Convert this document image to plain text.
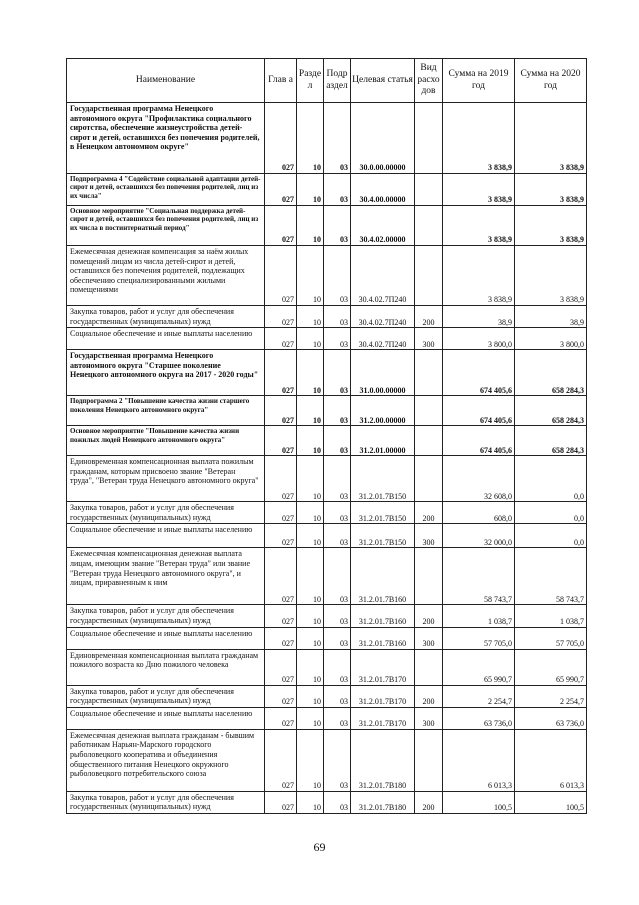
Наименование	Глав а	Разде л	Подр аздел	Целевая статья	Вид расхо дов	Сумма на 2019 год	Сумма на 2020 год
Государственная программа Ненецкого автономного округа "Профилактика социального сиротства, обеспечение жизнеустройства детей-сирот и детей, оставшихся без попечения родителей, в Ненецком автономном округе"	027	10	03	30.0.00.00000		3 838,9	3 838,9
Подпрограмма 4 "Содействие социальной адаптации детей-сирот и детей, оставшихся без попечения родителей, лиц из их числа"	027	10	03	30.4.00.00000		3 838,9	3 838,9
Основное мероприятие "Социальная поддержка детей-сирот и детей, оставшихся без попечения родителей, лиц из их числа в постинтернатный период"	027	10	03	30.4.02.00000		3 838,9	3 838,9
Ежемесячная денежная компенсация за наём жилых помещений лицам из числа детей-сирот и детей, оставшихся без попечения родителей, подлежащих обеспечению специализированными жилыми помещениями	027	10	03	30.4.02.7П240		3 838,9	3 838,9
Закупка товаров, работ и услуг для обеспечения государственных (муниципальных) нужд	027	10	03	30.4.02.7П240	200	38,9	38,9
Социальное обеспечение и иные выплаты населению	027	10	03	30.4.02.7П240	300	3 800,0	3 800,0
Государственная программа Ненецкого автономного округа "Старшее поколение Ненецкого автономного округа на 2017 - 2020 годы"	027	10	03	31.0.00.00000		674 405,6	658 284,3
Подпрограмма 2 "Повышение качества жизни старшего поколения Ненецкого автономного округа"	027	10	03	31.2.00.00000		674 405,6	658 284,3
Основное мероприятие "Повышение качества жизни пожилых людей Ненецкого автономного округа"	027	10	03	31.2.01.00000		674 405,6	658 284,3
Единовременная компенсационная выплата пожилым гражданам, которым присвоено звание "Ветеран труда", "Ветеран труда Ненецкого автономного округа"	027	10	03	31.2.01.7В150		32 608,0	0,0
Закупка товаров, работ и услуг для обеспечения государственных (муниципальных) нужд	027	10	03	31.2.01.7В150	200	608,0	0,0
Социальное обеспечение и иные выплаты населению	027	10	03	31.2.01.7В150	300	32 000,0	0,0
Ежемесячная компенсационная денежная выплата лицам, имеющим звание "Ветеран труда" или звание "Ветеран труда Ненецкого автономного округа", и лицам, приравненным к ним	027	10	03	31.2.01.7В160		58 743,7	58 743,7
Закупка товаров, работ и услуг для обеспечения государственных (муниципальных) нужд	027	10	03	31.2.01.7В160	200	1 038,7	1 038,7
Социальное обеспечение и иные выплаты населению	027	10	03	31.2.01.7В160	300	57 705,0	57 705,0
Единовременная компенсационная выплата гражданам пожилого возраста ко Дню пожилого человека	027	10	03	31.2.01.7В170		65 990,7	65 990,7
Закупка товаров, работ и услуг для обеспечения государственных (муниципальных) нужд	027	10	03	31.2.01.7В170	200	2 254,7	2 254,7
Социальное обеспечение и иные выплаты населению	027	10	03	31.2.01.7В170	300	63 736,0	63 736,0
Ежемесячная денежная выплата гражданам - бывшим работникам Нарьян-Марского городского рыболовецкого кооператива и объединения общественного питания Ненецкого окружного рыболовецкого потребительского союза	027	10	03	31.2.01.7В180		6 013,3	6 013,3
Закупка товаров, работ и услуг для обеспечения государственных (муниципальных) нужд	027	10	03	31.2.01.7В180	200	100,5	100,5
69
